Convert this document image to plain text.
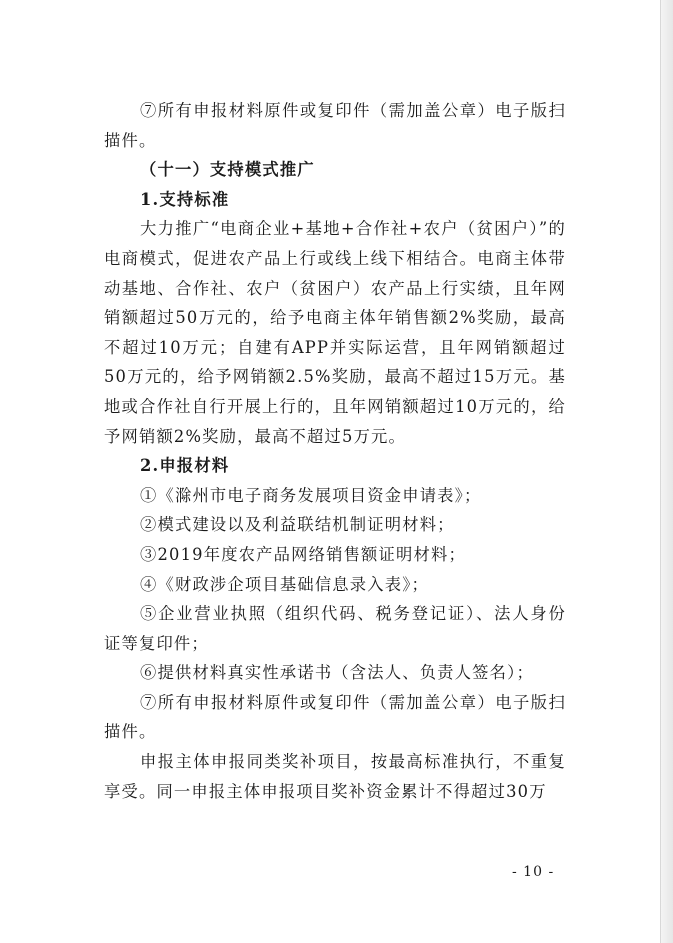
⑦所有申报材料原件或复印件（需加盖公章）电子版扫描件。

（十一）支持模式推广

1.支持标准

大力推广“电商企业+基地+合作社+农户（贫困户）”的电商模式，促进农产品上行或线上线下相结合。电商主体带动基地、合作社、农户（贫困户）农产品上行实绩，且年网销额超过50万元的，给予电商主体年销售额2%奖励，最高不超过10万元；自建有APP并实际运营，且年网销额超过50万元的，给予网销额2.5%奖励，最高不超过15万元。基地或合作社自行开展上行的，且年网销额超过10万元的，给予网销额2%奖励，最高不超过5万元。

2.申报材料

①《滁州市电子商务发展项目资金申请表》；

②模式建设以及利益联结机制证明材料；

③2019年度农产品网络销售额证明材料；

④《财政涉企项目基础信息录入表》；

⑤企业营业执照（组织代码、税务登记证）、法人身份证等复印件；

⑥提供材料真实性承诺书（含法人、负责人签名）；

⑦所有申报材料原件或复印件（需加盖公章）电子版扫描件。

申报主体申报同类奖补项目，按最高标准执行，不重复享受。同一申报主体申报项目奖补资金累计不得超过30万

- 10 -
